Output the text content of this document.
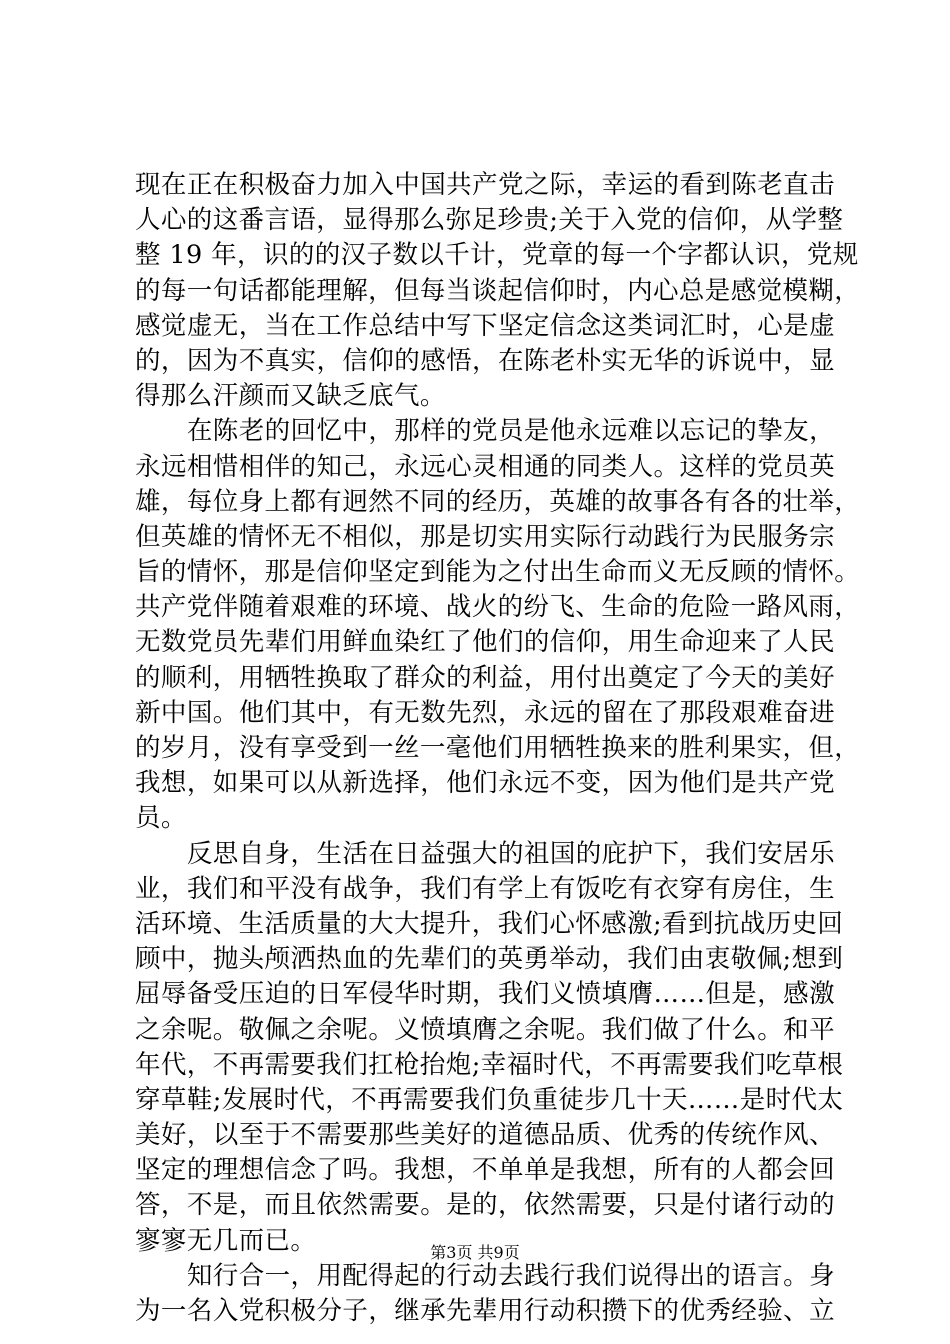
现在正在积极奋力加入中国共产党之际，幸运的看到陈老直击
人心的这番言语，显得那么弥足珍贵;关于入党的信仰，从学整
整 19 年，识的的汉子数以千计，党章的每一个字都认识，党规
的每一句话都能理解，但每当谈起信仰时，内心总是感觉模糊，
感觉虚无，当在工作总结中写下坚定信念这类词汇时，心是虚
的，因为不真实，信仰的感悟，在陈老朴实无华的诉说中，显
得那么汗颜而又缺乏底气。
　　在陈老的回忆中，那样的党员是他永远难以忘记的挚友，
永远相惜相伴的知己，永远心灵相通的同类人。这样的党员英
雄，每位身上都有迥然不同的经历，英雄的故事各有各的壮举，
但英雄的情怀无不相似，那是切实用实际行动践行为民服务宗
旨的情怀，那是信仰坚定到能为之付出生命而义无反顾的情怀。
共产党伴随着艰难的环境、战火的纷飞、生命的危险一路风雨，
无数党员先辈们用鲜血染红了他们的信仰，用生命迎来了人民
的顺利，用牺牲换取了群众的利益，用付出奠定了今天的美好
新中国。他们其中，有无数先烈，永远的留在了那段艰难奋进
的岁月，没有享受到一丝一毫他们用牺牲换来的胜利果实，但，
我想，如果可以从新选择，他们永远不变，因为他们是共产党
员。
　　反思自身，生活在日益强大的祖国的庇护下，我们安居乐
业，我们和平没有战争，我们有学上有饭吃有衣穿有房住，生
活环境、生活质量的大大提升，我们心怀感激;看到抗战历史回
顾中，抛头颅洒热血的先辈们的英勇举动，我们由衷敬佩;想到
屈辱备受压迫的日军侵华时期，我们义愤填膺……但是，感激
之余呢。敬佩之余呢。义愤填膺之余呢。我们做了什么。和平
年代，不再需要我们扛枪抬炮;幸福时代，不再需要我们吃草根
穿草鞋;发展时代，不再需要我们负重徒步几十天……是时代太
美好，以至于不需要那些美好的道德品质、优秀的传统作风、
坚定的理想信念了吗。我想，不单单是我想，所有的人都会回
答，不是，而且依然需要。是的，依然需要，只是付诸行动的
寥寥无几而已。
　　知行合一，用配得起的行动去践行我们说得出的语言。身
为一名入党积极分子，继承先辈用行动积攒下的优秀经验、立
第3页 共9页
